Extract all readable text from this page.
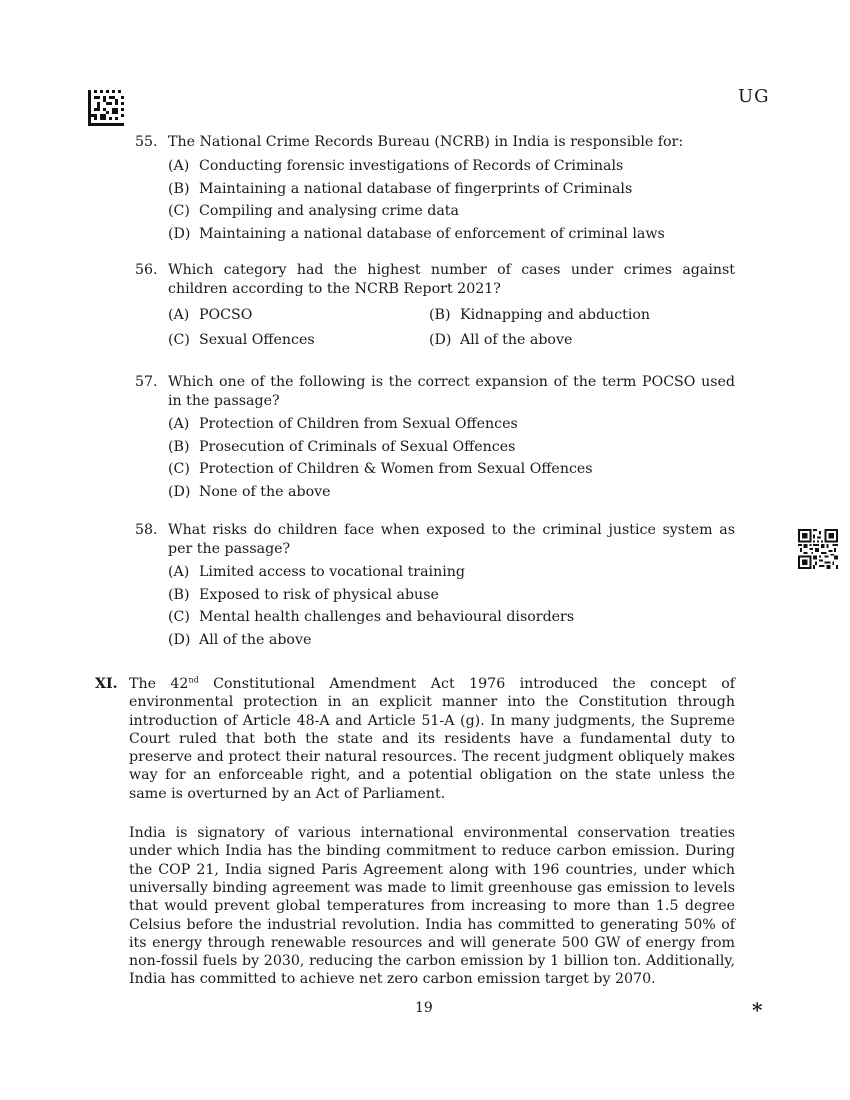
UG
55. The National Crime Records Bureau (NCRB) in India is responsible for:
(A) Conducting forensic investigations of Records of Criminals
(B) Maintaining a national database of fingerprints of Criminals
(C) Compiling and analysing crime data
(D) Maintaining a national database of enforcement of criminal laws
56. Which category had the highest number of cases under crimes against children according to the NCRB Report 2021?
(A) POCSO	(B) Kidnapping and abduction
(C) Sexual Offences	(D) All of the above
57. Which one of the following is the correct expansion of the term POCSO used in the passage?
(A) Protection of Children from Sexual Offences
(B) Prosecution of Criminals of Sexual Offences
(C) Protection of Children & Women from Sexual Offences
(D) None of the above
58. What risks do children face when exposed to the criminal justice system as per the passage?
(A) Limited access to vocational training
(B) Exposed to risk of physical abuse
(C) Mental health challenges and behavioural disorders
(D) All of the above
XI. The 42nd Constitutional Amendment Act 1976 introduced the concept of environmental protection in an explicit manner into the Constitution through introduction of Article 48-A and Article 51-A (g). In many judgments, the Supreme Court ruled that both the state and its residents have a fundamental duty to preserve and protect their natural resources. The recent judgment obliquely makes way for an enforceable right, and a potential obligation on the state unless the same is overturned by an Act of Parliament.
India is signatory of various international environmental conservation treaties under which India has the binding commitment to reduce carbon emission. During the COP 21, India signed Paris Agreement along with 196 countries, under which universally binding agreement was made to limit greenhouse gas emission to levels that would prevent global temperatures from increasing to more than 1.5 degree Celsius before the industrial revolution. India has committed to generating 50% of its energy through renewable resources and will generate 500 GW of energy from non-fossil fuels by 2030, reducing the carbon emission by 1 billion ton. Additionally, India has committed to achieve net zero carbon emission target by 2070.
19	*
